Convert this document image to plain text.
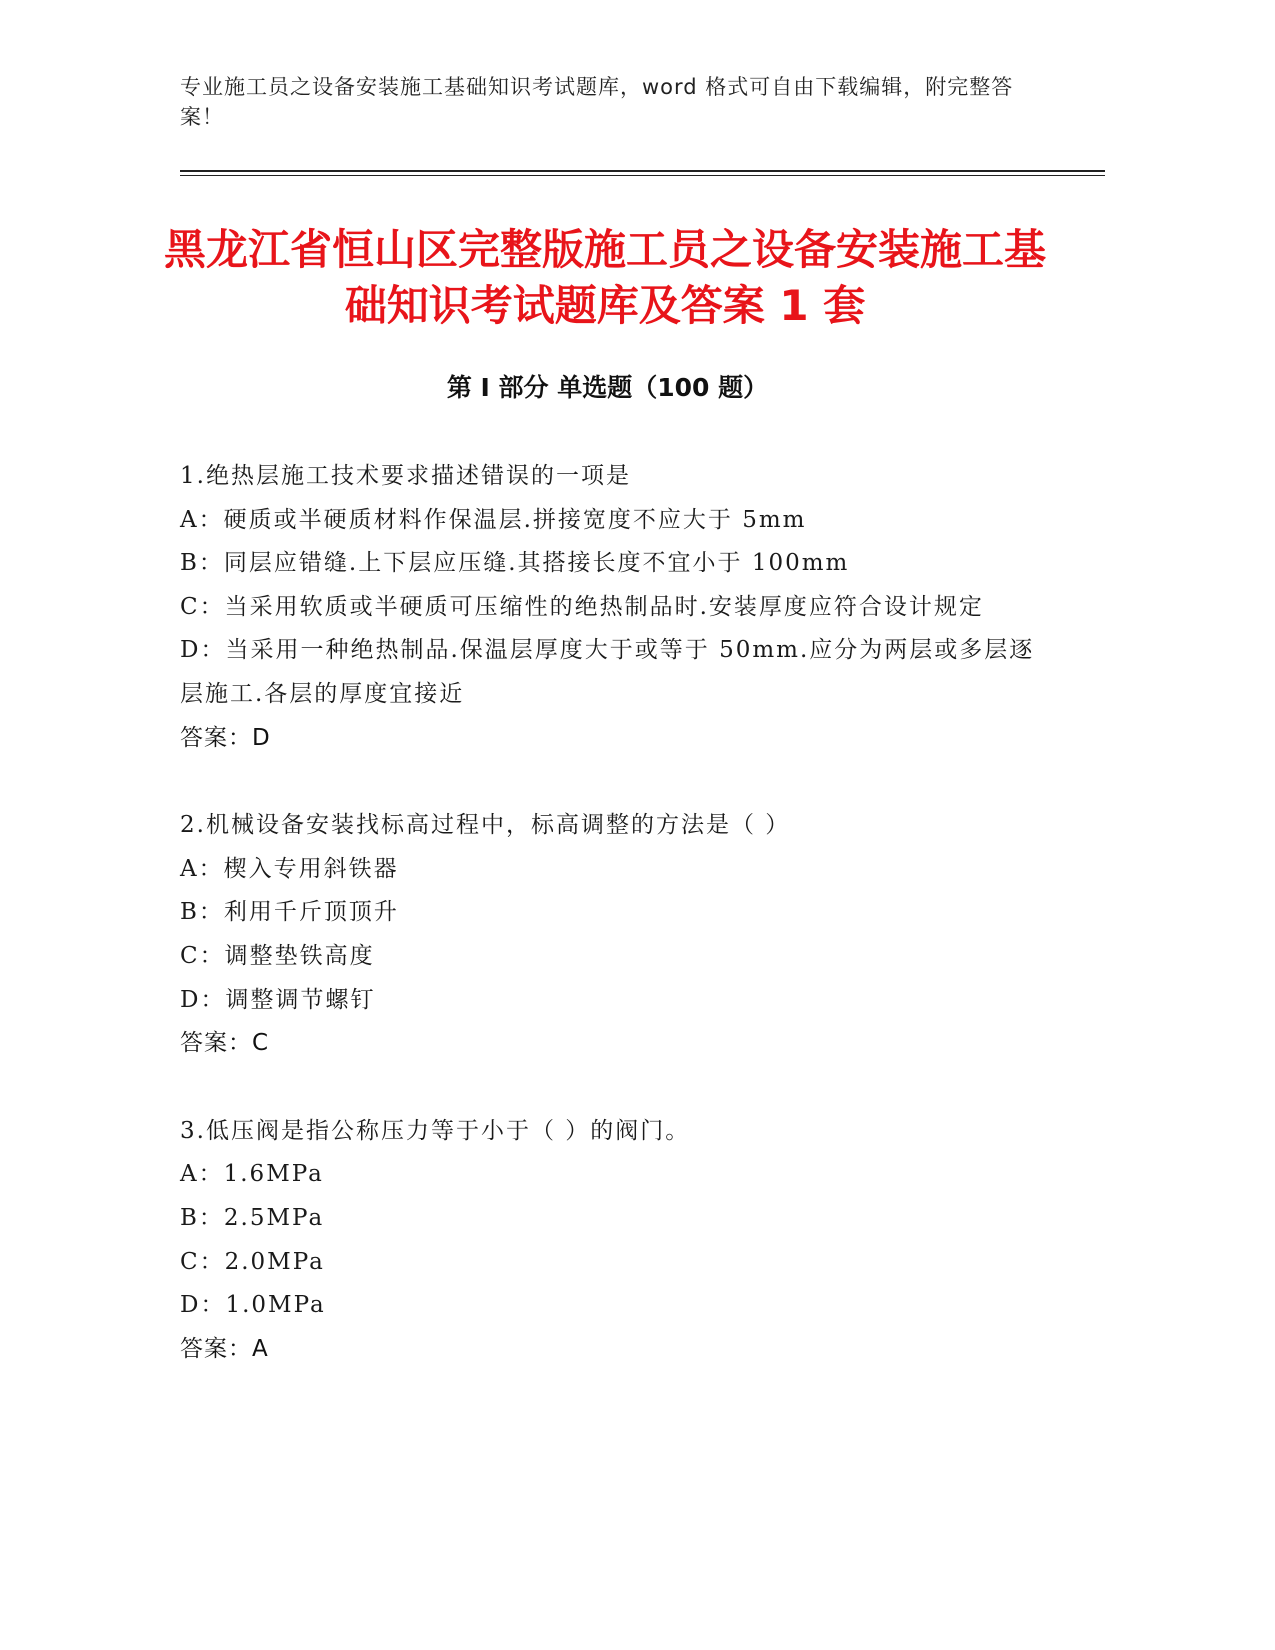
专业施工员之设备安装施工基础知识考试题库，word 格式可自由下载编辑，附完整答案！
黑龙江省恒山区完整版施工员之设备安装施工基础知识考试题库及答案 1 套
第 I 部分 单选题（100 题）
1.绝热层施工技术要求描述错误的一项是
A：硬质或半硬质材料作保温层.拼接宽度不应大于 5mm
B：同层应错缝.上下层应压缝.其搭接长度不宜小于 100mm
C：当采用软质或半硬质可压缩性的绝热制品时.安装厚度应符合设计规定
D：当采用一种绝热制品.保温层厚度大于或等于 50mm.应分为两层或多层逐层施工.各层的厚度宜接近
答案：D
2.机械设备安装找标高过程中，标高调整的方法是（ ）
A：楔入专用斜铁器
B：利用千斤顶顶升
C：调整垫铁高度
D：调整调节螺钉
答案：C
3.低压阀是指公称压力等于小于（ ）的阀门。
A：1.6MPa
B：2.5MPa
C：2.0MPa
D：1.0MPa
答案：A
